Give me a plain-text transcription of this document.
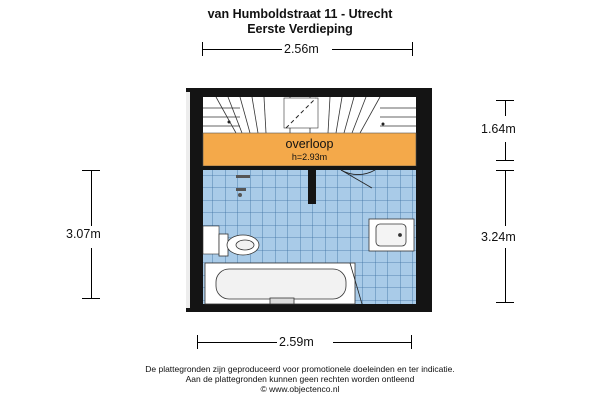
van Humboldstraat 11 - Utrecht
Eerste Verdieping
2.56m
overloop
h=2.93m
1.64m
3.24m
3.07m
2.59m
De plattegronden zijn geproduceerd voor promotionele doeleinden en ter indicatie.
Aan de plattegronden kunnen geen rechten worden ontleend
© www.objectenco.nl
